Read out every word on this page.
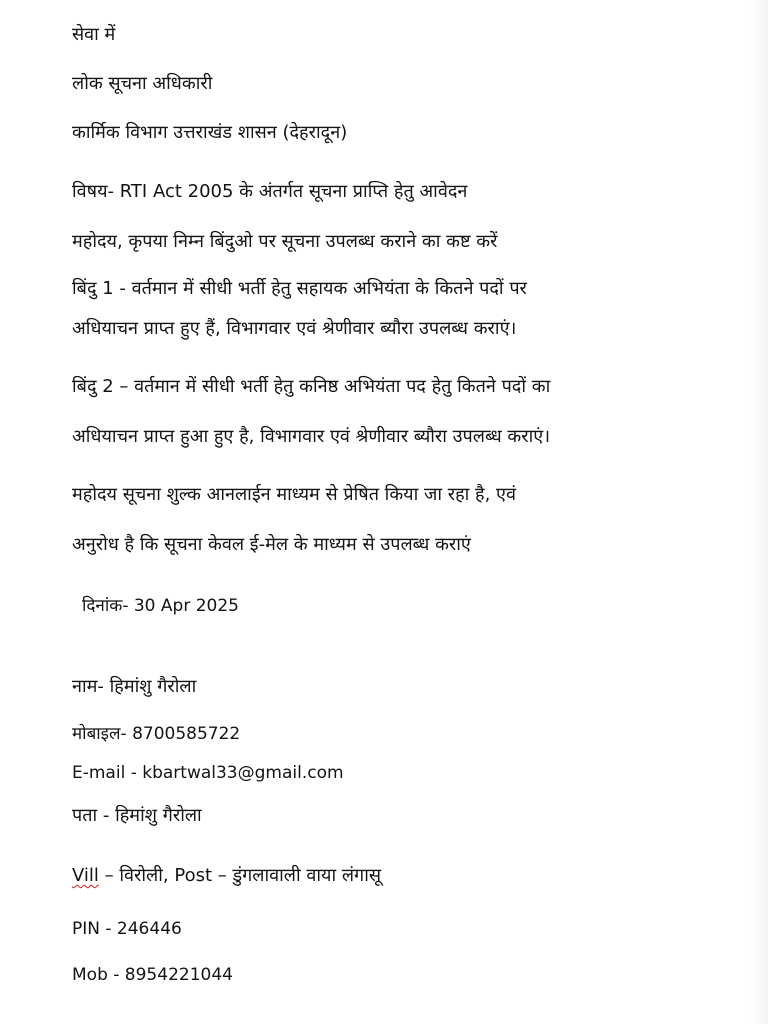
सेवा में
लोक सूचना अधिकारी
कार्मिक विभाग उत्तराखंड शासन (देहरादून)
विषय- RTI Act 2005 के अंतर्गत सूचना प्राप्ति हेतु आवेदन
महोदय, कृपया निम्न बिंदुओ पर सूचना उपलब्ध कराने का कष्ट करें
बिंदु 1 - वर्तमान में सीधी भर्ती हेतु सहायक अभियंता के कितने पदों पर
अधियाचन प्राप्त हुए हैं, विभागवार एवं श्रेणीवार ब्यौरा उपलब्ध कराएं।
बिंदु 2 – वर्तमान में सीधी भर्ती हेतु कनिष्ठ अभियंता पद हेतु कितने पदों का
अधियाचन प्राप्त हुआ हुए है, विभागवार एवं श्रेणीवार ब्यौरा उपलब्ध कराएं।
महोदय सूचना शुल्क आनलाईन माध्यम से प्रेषित किया जा रहा है, एवं
अनुरोध है कि सूचना केवल ई-मेल के माध्यम से उपलब्ध कराएं
दिनांक- 30 Apr 2025
नाम- हिमांशु गैरोला
मोबाइल- 8700585722
E-mail - kbartwal33@gmail.com
पता - हिमांशु गैरोला
Vill – विरोली, Post – डुंगलावाली वाया लंगासू
PIN - 246446
Mob - 8954221044
